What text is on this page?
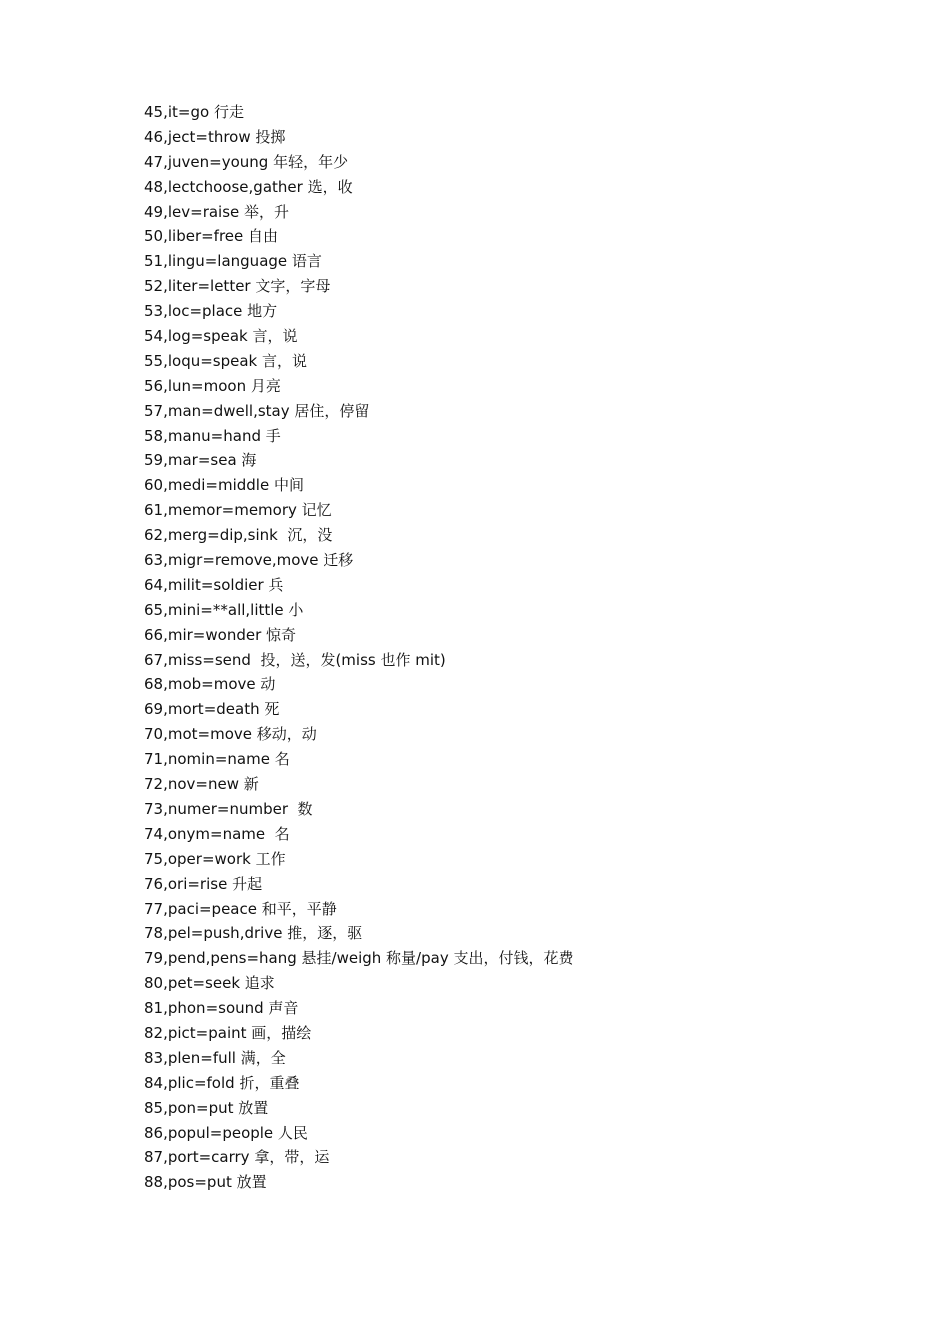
45,it=go 行走
46,ject=throw 投掷
47,juven=young 年轻，年少
48,lectchoose,gather 选，收
49,lev=raise 举，升
50,liber=free 自由
51,lingu=language 语言
52,liter=letter 文字，字母
53,loc=place 地方
54,log=speak 言，说
55,loqu=speak 言，说
56,lun=moon 月亮
57,man=dwell,stay 居住，停留
58,manu=hand 手
59,mar=sea 海
60,medi=middle 中间
61,memor=memory 记忆
62,merg=dip,sink  沉，没
63,migr=remove,move 迁移
64,milit=soldier 兵
65,mini=**all,little 小
66,mir=wonder 惊奇
67,miss=send  投，送，发(miss 也作 mit)
68,mob=move 动
69,mort=death 死
70,mot=move 移动，动
71,nomin=name 名
72,nov=new 新
73,numer=number  数
74,onym=name  名
75,oper=work 工作
76,ori=rise 升起
77,paci=peace 和平，平静
78,pel=push,drive 推，逐，驱
79,pend,pens=hang 悬挂/weigh 称量/pay 支出，付钱，花费
80,pet=seek 追求
81,phon=sound 声音
82,pict=paint 画，描绘
83,plen=full 满，全
84,plic=fold 折，重叠
85,pon=put 放置
86,popul=people 人民
87,port=carry 拿，带，运
88,pos=put 放置
